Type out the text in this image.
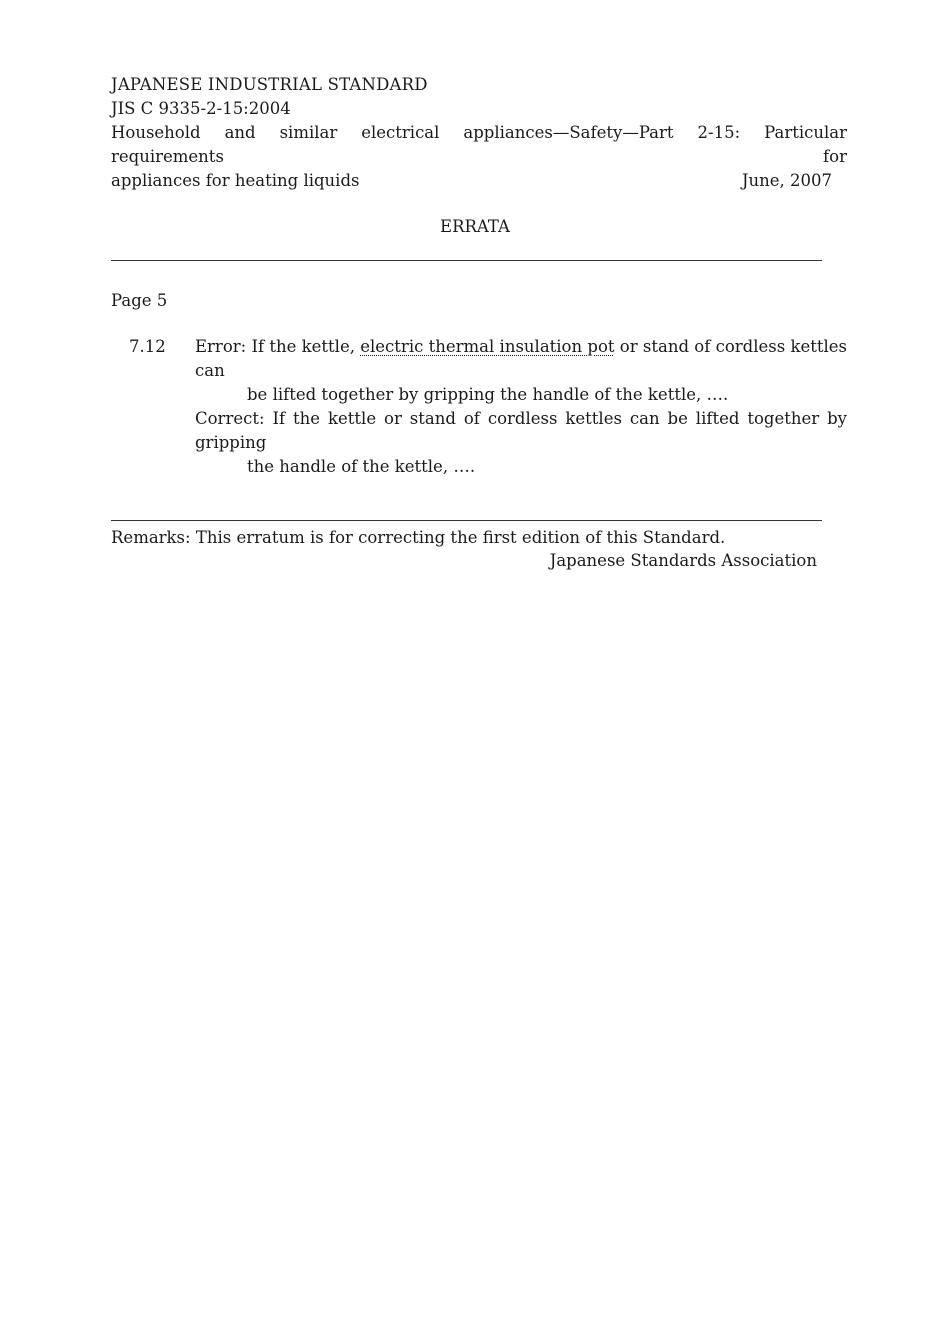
JAPANESE INDUSTRIAL STANDARD
JIS C 9335-2-15:2004
Household and similar electrical appliances—Safety—Part 2-15: Particular requirements for
appliances for heating liquids	June, 2007
ERRATA
Page 5
7.12 Error: If the kettle, electric thermal insulation pot or stand of cordless kettles can
be lifted together by gripping the handle of the kettle, ….
Correct: If the kettle or stand of cordless kettles can be lifted together by gripping
the handle of the kettle, ….
Remarks: This erratum is for correcting the first edition of this Standard.
Japanese Standards Association
